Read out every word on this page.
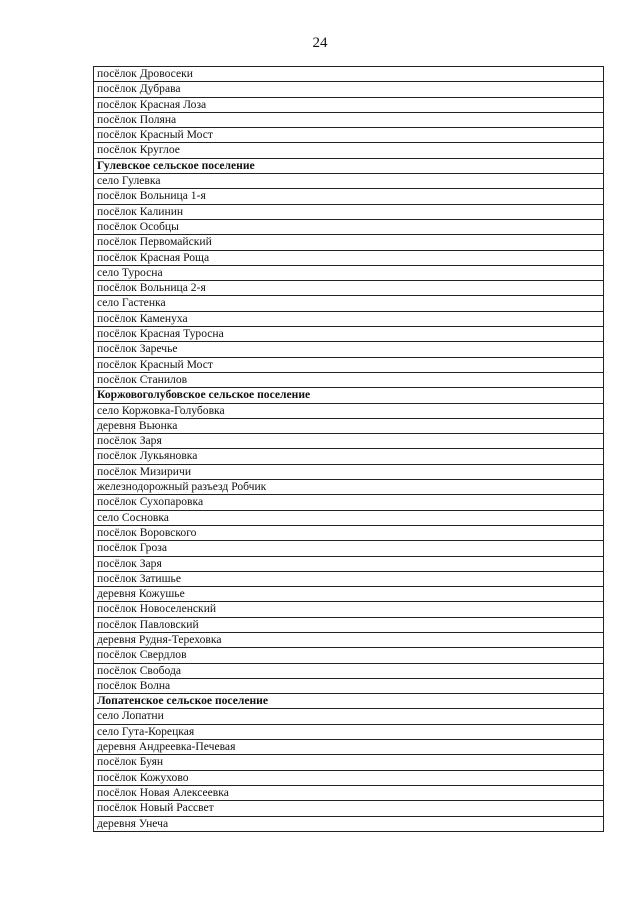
24
посёлок Дровосеки
посёлок Дубрава
посёлок Красная Лоза
посёлок Поляна
посёлок Красный Мост
посёлок Круглое
Гулевское сельское поселение
село Гулевка
посёлок Вольница 1-я
посёлок Калинин
посёлок Особцы
посёлок Первомайский
посёлок Красная Роща
село Туросна
посёлок Вольница 2-я
село Гастенка
посёлок Каменуха
посёлок Красная Туросна
посёлок Заречье
посёлок Красный Мост
посёлок Станилов
Коржовоголубовское сельское поселение
село Коржовка-Голубовка
деревня Вьюнка
посёлок Заря
посёлок Лукьяновка
посёлок Мизиричи
железнодорожный разъезд Робчик
посёлок Сухопаровка
село Сосновка
посёлок Воровского
посёлок Гроза
посёлок Заря
посёлок Затишье
деревня Кожушье
посёлок Новоселенский
посёлок Павловский
деревня Рудня-Тереховка
посёлок Свердлов
посёлок Свобода
посёлок Волна
Лопатенское сельское поселение
село Лопатни
село Гута-Корецкая
деревня Андреевка-Печевая
посёлок Буян
посёлок Кожухово
посёлок Новая Алексеевка
посёлок Новый Рассвет
деревня Унеча
